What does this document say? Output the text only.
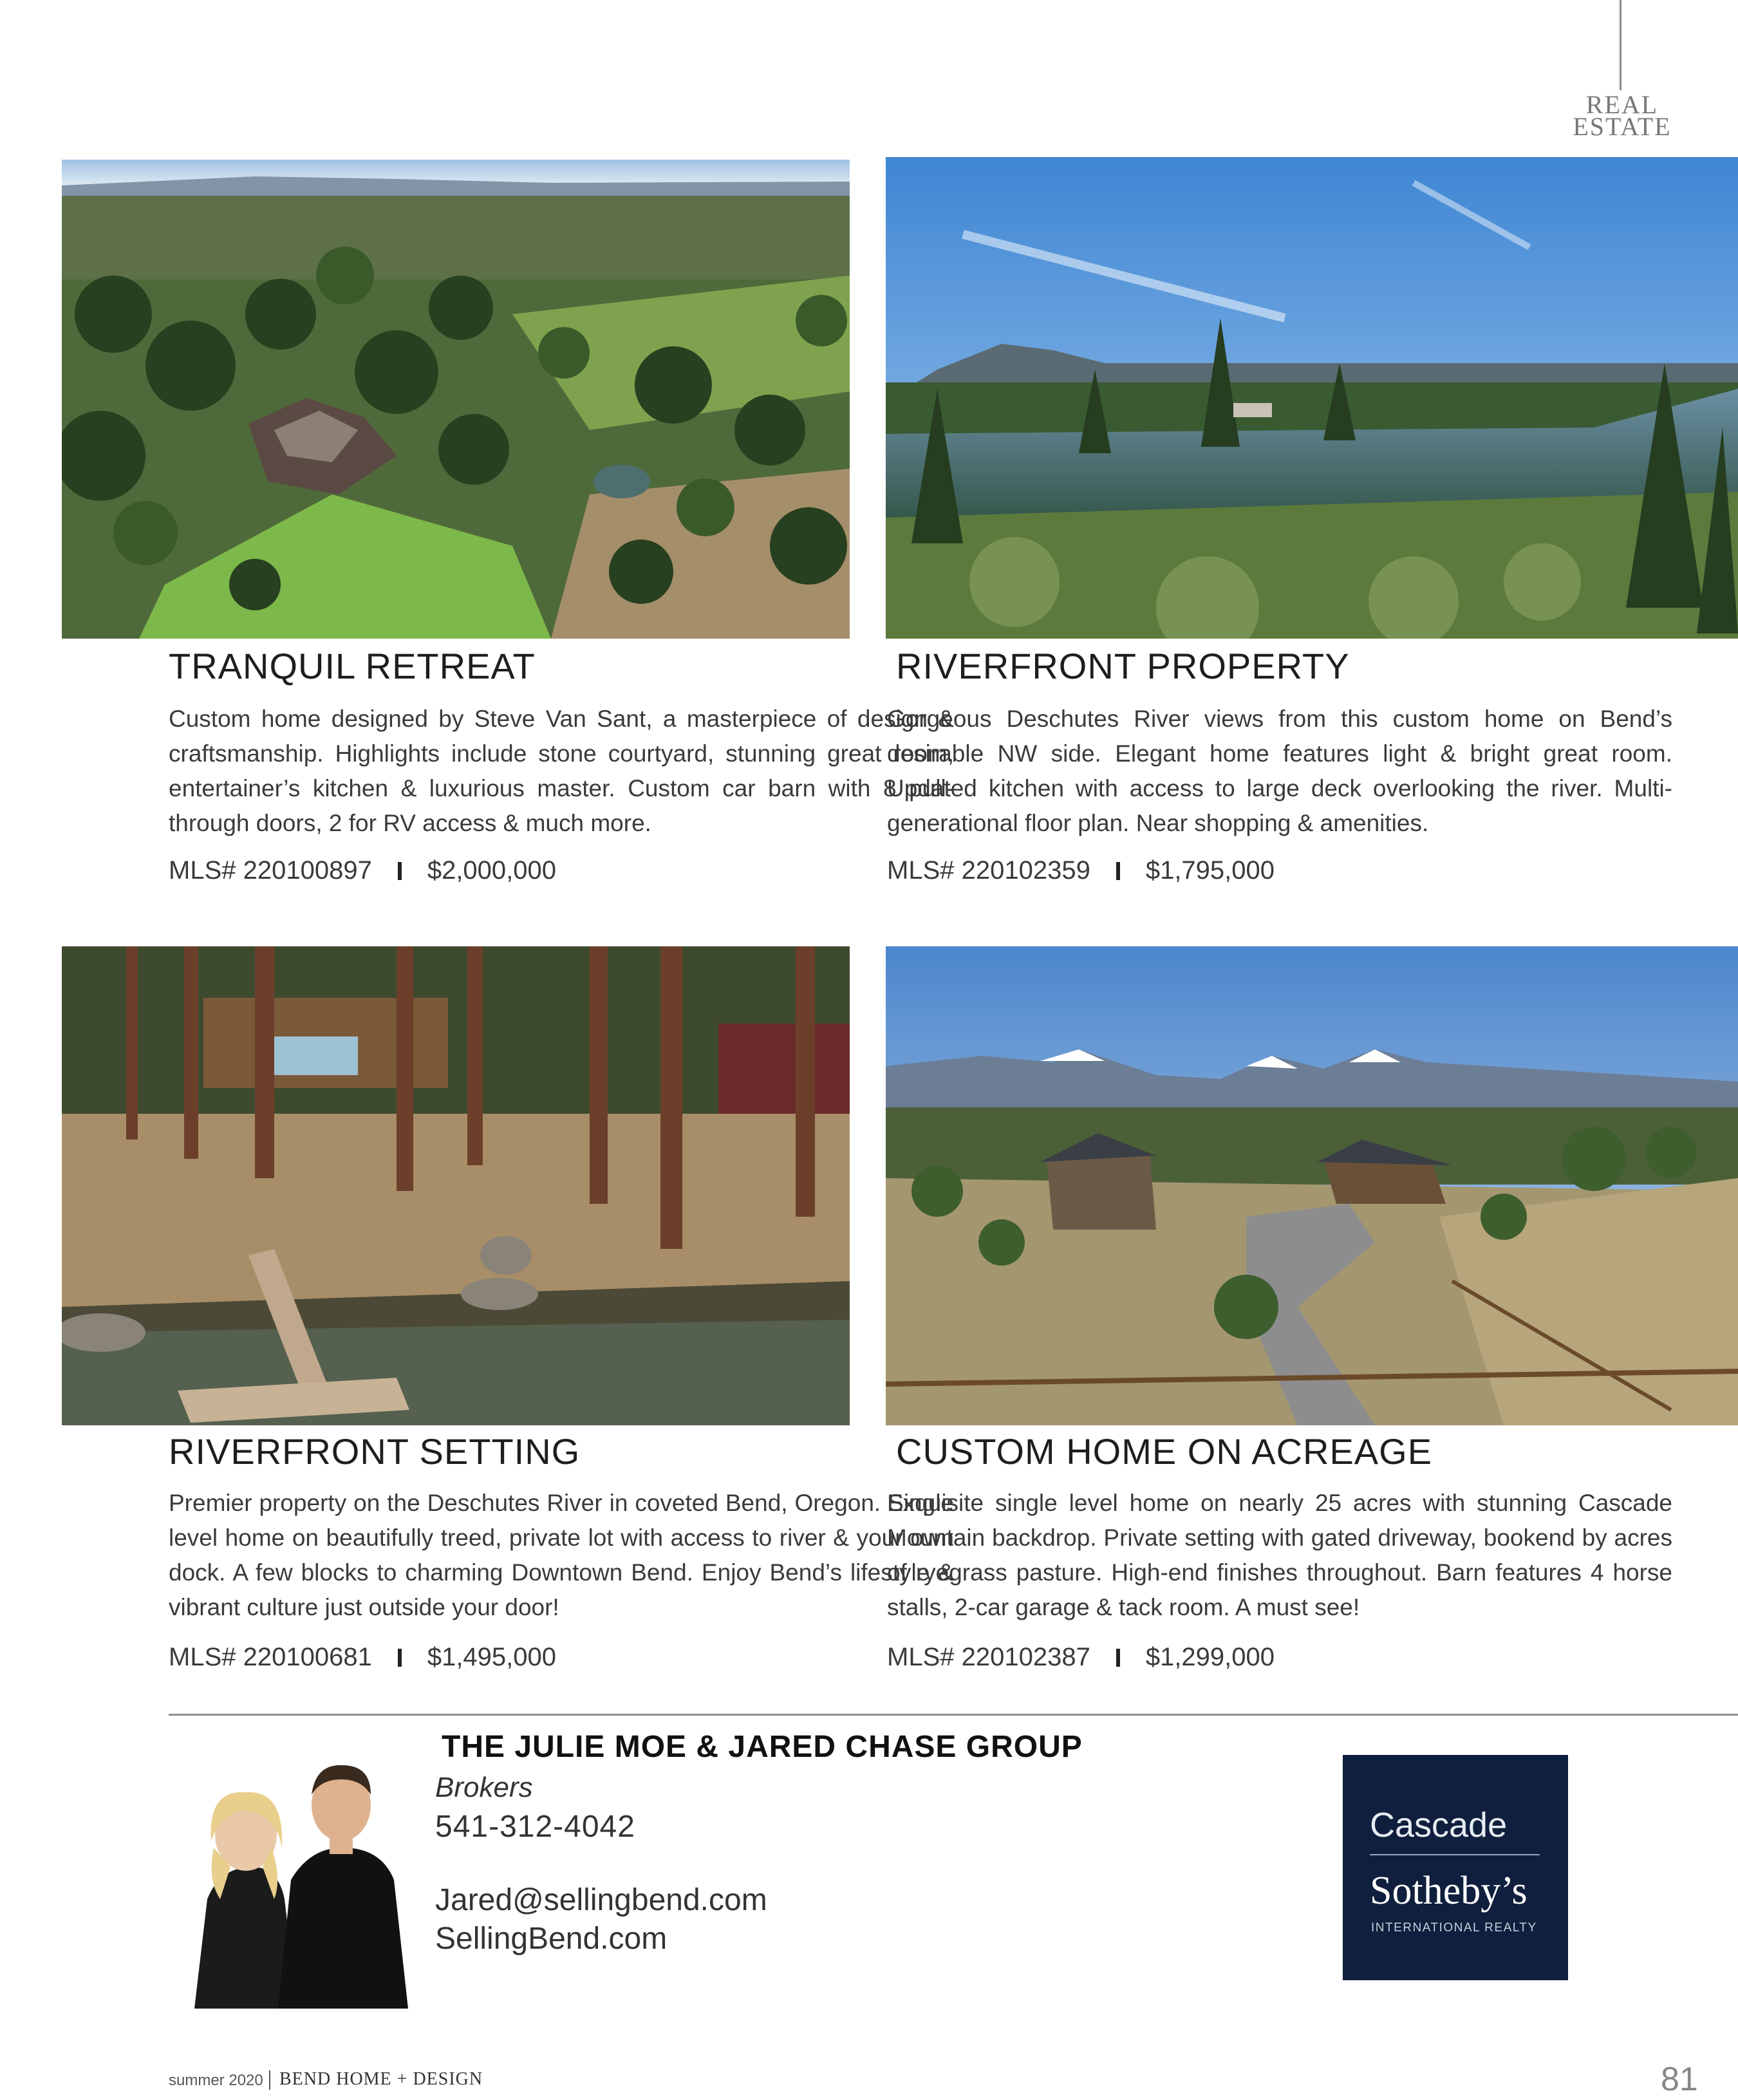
REAL
ESTATE
TRANQUIL RETREAT
Custom home designed by Steve Van Sant, a masterpiece of design & craftsmanship. Highlights include stone courtyard, stunning great room, entertainer’s kitchen & luxurious master. Custom car barn with 8 pull-through doors, 2 for RV access & much more.
MLS# 220100897 $2,000,000
RIVERFRONT PROPERTY
Gorgeous Deschutes River views from this custom home on Bend’s desirable NW side. Elegant home features light & bright great room. Updated kitchen with access to large deck overlooking the river. Multi-generational floor plan. Near shopping & amenities.
MLS# 220102359 $1,795,000
RIVERFRONT SETTING
Premier property on the Deschutes River in coveted Bend, Oregon. Single level home on beautifully treed, private lot with access to river & your own dock. A few blocks to charming Downtown Bend. Enjoy Bend’s lifestyle & vibrant culture just outside your door!
MLS# 220100681 $1,495,000
CUSTOM HOME ON ACREAGE
Exquisite single level home on nearly 25 acres with stunning Cascade Mountain backdrop. Private setting with gated driveway, bookend by acres of ryegrass pasture. High-end finishes throughout. Barn features 4 horse stalls, 2-car garage & tack room. A must see!
MLS# 220102387 $1,299,000
THE JULIE MOE & JARED CHASE GROUP
Brokers
541-312-4042
Jared@sellingbend.com
SellingBend.com
Cascade
Sotheby’s
INTERNATIONAL REALTY
summer 2020 BEND HOME + DESIGN	81
